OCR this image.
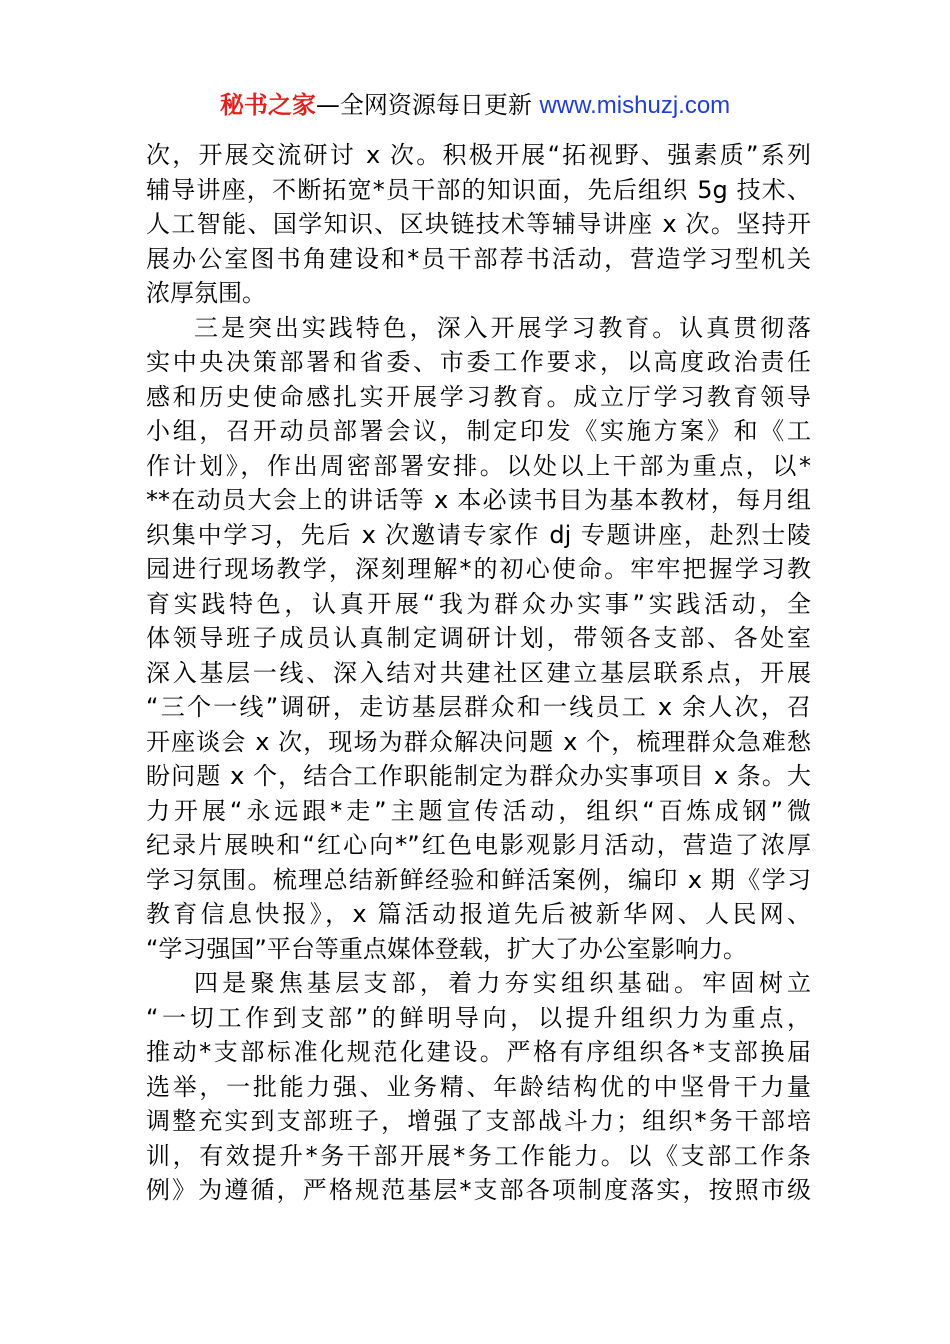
秘书之家—全网资源每日更新 www.mishuzj.com
次，开展交流研讨 x 次。积极开展“拓视野、强素质”系列
辅导讲座，不断拓宽*员干部的知识面，先后组织 5g 技术、
人工智能、国学知识、区块链技术等辅导讲座 x 次。坚持开
展办公室图书角建设和*员干部荐书活动，营造学习型机关
浓厚氛围。
三是突出实践特色，深入开展学习教育。认真贯彻落
实中央决策部署和省委、市委工作要求，以高度政治责任
感和历史使命感扎实开展学习教育。成立厅学习教育领导
小组，召开动员部署会议，制定印发《实施方案》和《工
作计划》，作出周密部署安排。以处以上干部为重点，以*
**在动员大会上的讲话等 x 本必读书目为基本教材，每月组
织集中学习，先后 x 次邀请专家作 dj 专题讲座，赴烈士陵
园进行现场教学，深刻理解*的初心使命。牢牢把握学习教
育实践特色，认真开展“我为群众办实事”实践活动，全
体领导班子成员认真制定调研计划，带领各支部、各处室
深入基层一线、深入结对共建社区建立基层联系点，开展
“三个一线”调研，走访基层群众和一线员工 x 余人次，召
开座谈会 x 次，现场为群众解决问题 x 个，梳理群众急难愁
盼问题 x 个，结合工作职能制定为群众办实事项目 x 条。大
力开展“永远跟*走”主题宣传活动，组织“百炼成钢”微
纪录片展映和“红心向*”红色电影观影月活动，营造了浓厚
学习氛围。梳理总结新鲜经验和鲜活案例，编印 x 期《学习
教育信息快报》，x 篇活动报道先后被新华网、人民网、
“学习强国”平台等重点媒体登载，扩大了办公室影响力。
四是聚焦基层支部，着力夯实组织基础。牢固树立
“一切工作到支部”的鲜明导向，以提升组织力为重点，
推动*支部标准化规范化建设。严格有序组织各*支部换届
选举，一批能力强、业务精、年龄结构优的中坚骨干力量
调整充实到支部班子，增强了支部战斗力；组织*务干部培
训，有效提升*务干部开展*务工作能力。以《支部工作条
例》为遵循，严格规范基层*支部各项制度落实，按照市级
